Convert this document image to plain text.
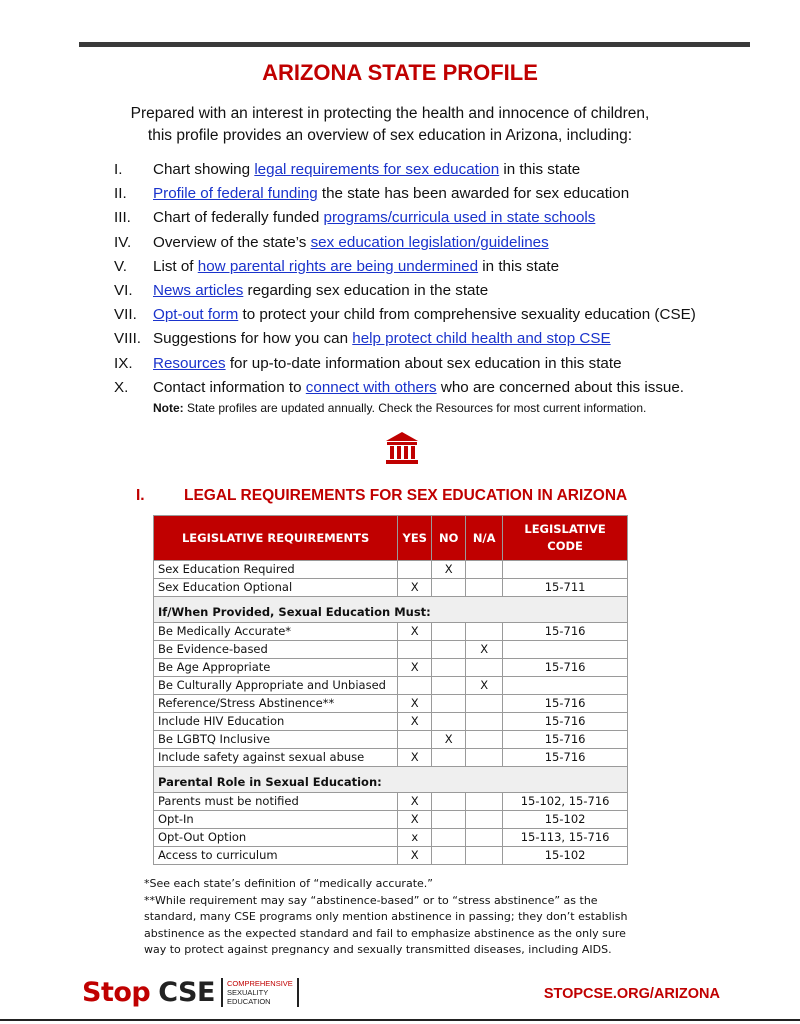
ARIZONA STATE PROFILE
Prepared with an interest in protecting the health and innocence of children,
this profile provides an overview of sex education in Arizona, including:
I.	Chart showing legal requirements for sex education in this state
II.	Profile of federal funding the state has been awarded for sex education
III.	Chart of federally funded programs/curricula used in state schools
IV.	Overview of the state’s sex education legislation/guidelines
V.	List of how parental rights are being undermined in this state
VI.	News articles regarding sex education in the state
VII.	Opt-out form to protect your child from comprehensive sexuality education (CSE)
VIII. Suggestions for how you can help protect child health and stop CSE
IX.	Resources for up-to-date information about sex education in this state
X.	Contact information to connect with others who are concerned about this issue.
Note: State profiles are updated annually. Check the Resources for most current information.
I.	LEGAL REQUIREMENTS FOR SEX EDUCATION IN ARIZONA
LEGISLATIVE REQUIREMENTS	YES	NO	N/A	LEGISLATIVE CODE
Sex Education Required		X		
Sex Education Optional	X			15-711
If/When Provided, Sexual Education Must:				
Be Medically Accurate*	X			15-716
Be Evidence-based			X	
Be Age Appropriate	X			15-716
Be Culturally Appropriate and Unbiased			X	
Reference/Stress Abstinence**	X			15-716
Include HIV Education	X			15-716
Be LGBTQ Inclusive		X		15-716
Include safety against sexual abuse	X			15-716
Parental Role in Sexual Education:				
Parents must be notified	X			15-102, 15-716
Opt-In	X			15-102
Opt-Out Option	x			15-113, 15-716
Access to curriculum	X			15-102

*See each state’s definition of “medically accurate.”

**While requirement may say “abstinence-based” or to “stress abstinence” as the standard, many CSE programs only mention abstinence in passing; they don’t establish abstinence as the expected standard and fail to emphasize abstinence as the only sure way to protect against pregnancy and sexually transmitted diseases, including AIDS.

Stop CSE COMPREHENSIVE
SEXUALITY
EDUCATION	STOPCSE.ORG/ARIZONA
